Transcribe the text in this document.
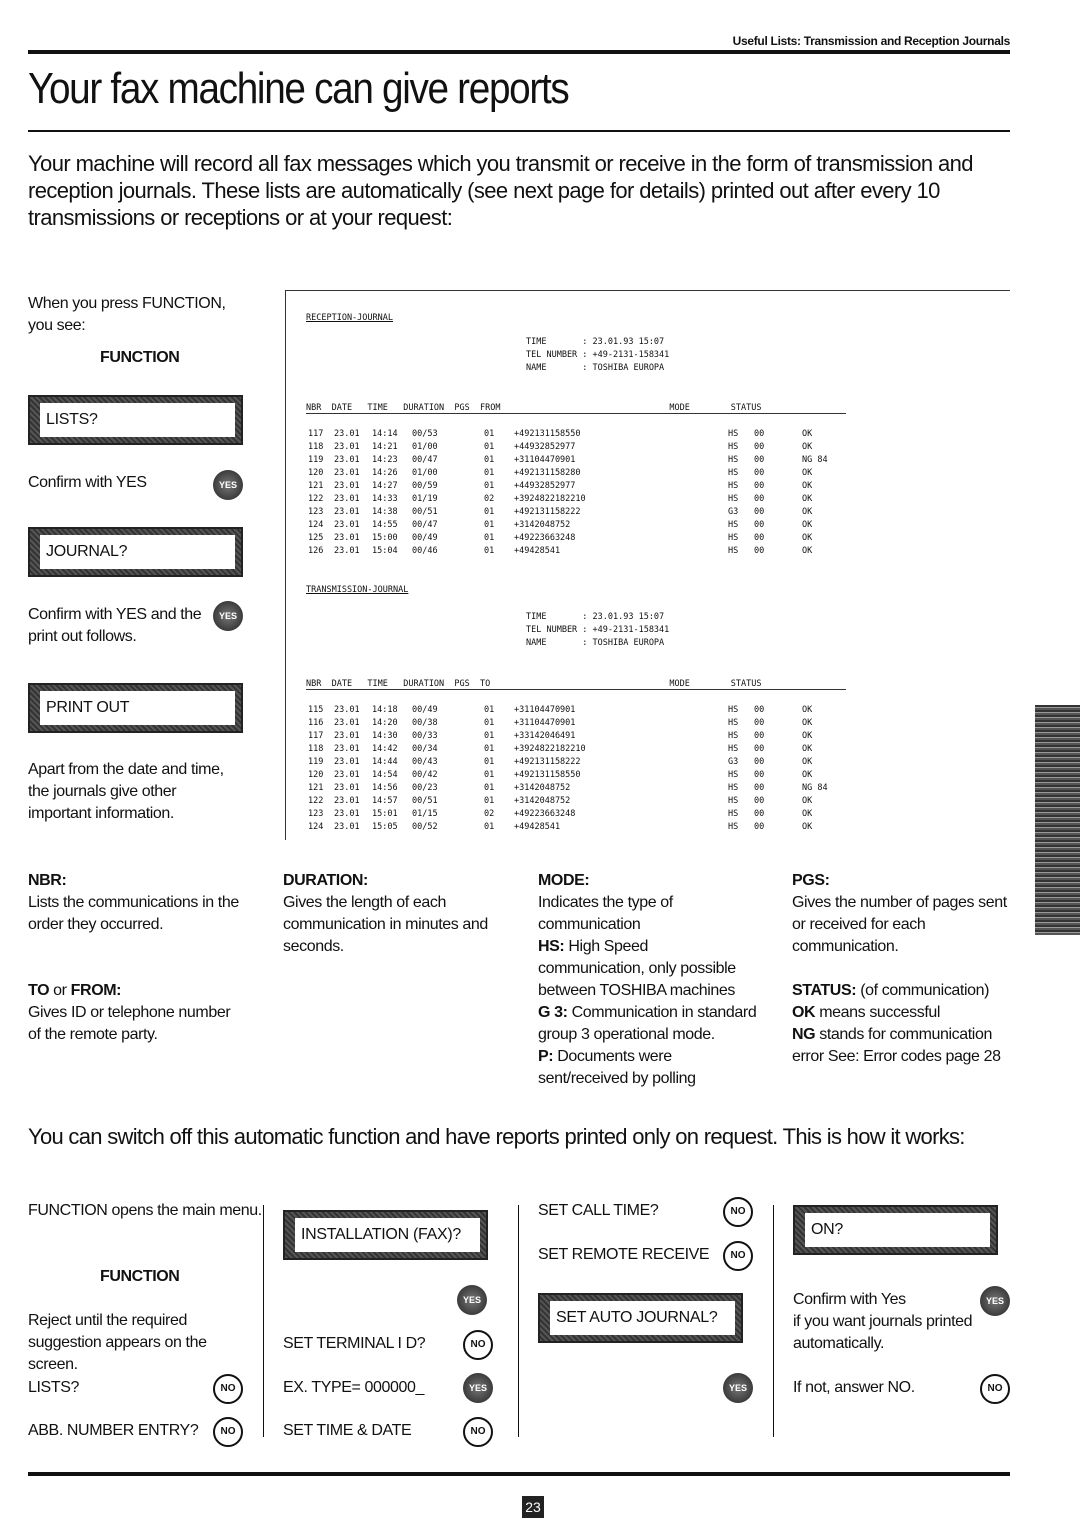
Useful Lists: Transmission and Reception Journals
Your fax machine can give reports
Your machine will record all fax messages which you transmit or receive in the form of transmission and reception journals. These lists are automatically (see next page for details) printed out after every 10 transmissions or receptions or at your request:
When you press FUNCTION, you see:
FUNCTION
LISTS?
Confirm with YES	YES
JOURNAL?
Confirm with YES and the print out follows.
YES
PRINT OUT
Apart from the date and time, the journals give other important information.
RECEPTION-JOURNAL
TIME       : 23.01.93 15:07
TEL NUMBER : +49-2131-158341
NAME       : TOSHIBA EUROPA
NBR  DATE   TIME   DURATION  PGS  FROM                                 MODE        STATUS
117	23.01	14:14	00/53	01	+492131158550	HS	00	OK
118	23.01	14:21	01/00	01	+44932852977	HS	00	OK
119	23.01	14:23	00/47	01	+31104470901	HS	00	NG 84
120	23.01	14:26	01/00	01	+492131158280	HS	00	OK
121	23.01	14:27	00/59	01	+44932852977	HS	00	OK
122	23.01	14:33	01/19	02	+3924822182210	HS	00	OK
123	23.01	14:38	00/51	01	+492131158222	G3	00	OK
124	23.01	14:55	00/47	01	+3142048752	HS	00	OK
125	23.01	15:00	00/49	01	+49223663248	HS	00	OK
126	23.01	15:04	00/46	01	+49428541	HS	00	OK
TRANSMISSION-JOURNAL
TIME       : 23.01.93 15:07
TEL NUMBER : +49-2131-158341
NAME       : TOSHIBA EUROPA
NBR  DATE   TIME   DURATION  PGS  TO                                   MODE        STATUS
115	23.01	14:18	00/49	01	+31104470901	HS	00	OK
116	23.01	14:20	00/38	01	+31104470901	HS	00	OK
117	23.01	14:30	00/33	01	+33142046491	HS	00	OK
118	23.01	14:42	00/34	01	+3924822182210	HS	00	OK
119	23.01	14:44	00/43	01	+492131158222	G3	00	OK
120	23.01	14:54	00/42	01	+492131158550	HS	00	OK
121	23.01	14:56	00/23	01	+3142048752	HS	00	NG 84
122	23.01	14:57	00/51	01	+3142048752	HS	00	OK
123	23.01	15:01	01/15	02	+49223663248	HS	00	OK
124	23.01	15:05	00/52	01	+49428541	HS	00	OK
NBR:
Lists the communications in the order they occurred.
TO or FROM:
Gives ID or telephone number of the remote party.
DURATION:
Gives the length of each communication in minutes and seconds.
MODE:
Indicates the type of communication
HS: High Speed communication, only possible between TOSHIBA machines
G 3: Communication in standard group 3 operational mode.
P: Documents were sent/received by polling
PGS:
Gives the number of pages sent or received for each communication.

STATUS: (of communication)
OK means successful
NG stands for communication error See: Error codes page 28
You can switch off this automatic function and have reports printed only on request. This is how it works:
FUNCTION opens the main menu.
FUNCTION
Reject until the required suggestion appears on the screen.
LISTS?	NO
ABB. NUMBER ENTRY?	NO
INSTALLATION (FAX)?
YES
SET TERMINAL I D?	NO
EX. TYPE= 000000_	YES
SET TIME & DATE	NO
SET CALL TIME?	NO
SET REMOTE RECEIVE	NO
SET AUTO JOURNAL?
YES
ON?
Confirm with Yes	YES
if you want journals printed automatically.
If not, answer NO.	NO
23
